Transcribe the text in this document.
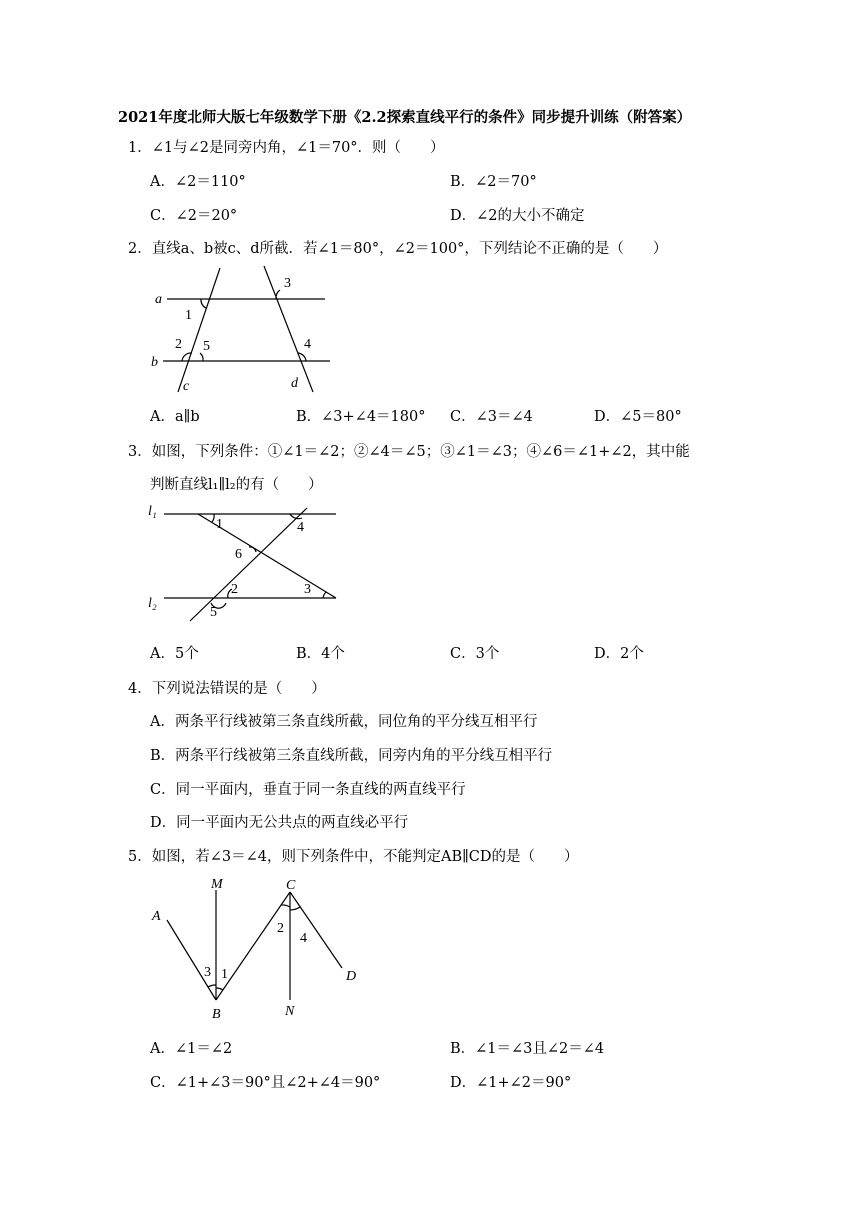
2021年度北师大版七年级数学下册《2.2探索直线平行的条件》同步提升训练（附答案）
1．∠1与∠2是同旁内角，∠1＝70°．则（　　）
A．∠2＝110°	B．∠2＝70°
C．∠2＝20°	D．∠2的大小不确定
2．直线a、b被c、d所截．若∠1＝80°，∠2＝100°，下列结论不正确的是（　　）
a
b
c	d
1
2 5
3
4
A．a∥b	B．∠3+∠4＝180° C．∠3＝∠4	D．∠5＝80°
3．如图，下列条件：①∠1＝∠2；②∠4＝∠5；③∠1＝∠3；④∠6＝∠1+∠2，其中能
判断直线l₁∥l₂的有（　　）
l₁
l₂
1	4
6
2
5
3
A．5个	B．4个	C．3个	D．2个
4．下列说法错误的是（　　）
A．两条平行线被第三条直线所截，同位角的平分线互相平行
B．两条平行线被第三条直线所截，同旁内角的平分线互相平行
C．同一平面内，垂直于同一条直线的两直线平行
D．同一平面内无公共点的两直线必平行
5．如图，若∠3＝∠4，则下列条件中，不能判定AB∥CD的是（　　）
A
B
C
D
M
N
3 1
2
4
A．∠1＝∠2	B．∠1＝∠3且∠2＝∠4
C．∠1+∠3＝90°且∠2+∠4＝90°	D．∠1+∠2＝90°
